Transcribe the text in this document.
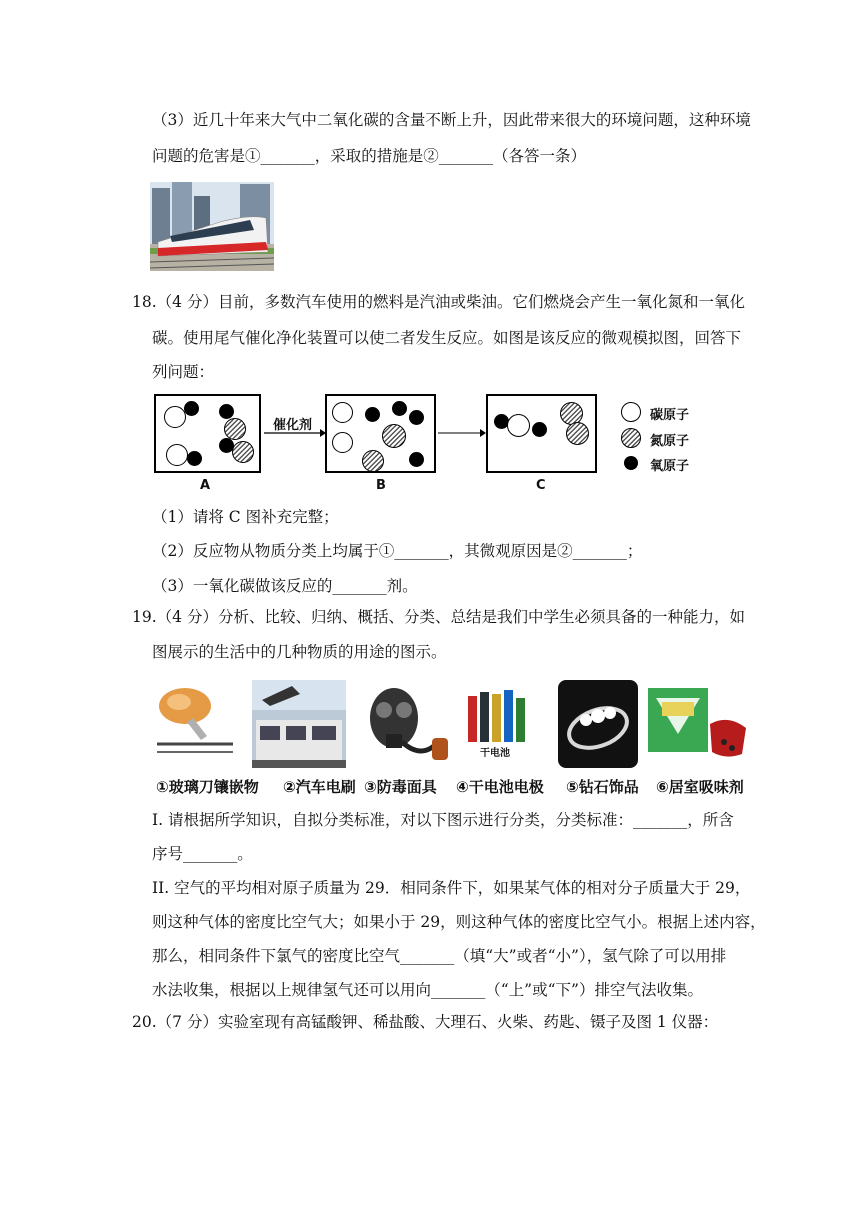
（3）近几十年来大气中二氧化碳的含量不断上升，因此带来很大的环境问题，这种环境
问题的危害是①_______，采取的措施是②_______（各答一条）
18.（4 分）目前，多数汽车使用的燃料是汽油或柴油。它们燃烧会产生一氧化氮和一氧化
碳。使用尾气催化净化装置可以使二者发生反应。如图是该反应的微观模拟图，回答下
列问题：
A
催化剂
B	C
碳原子
氮原子
氧原子
（1）请将 C 图补充完整；
（2）反应物从物质分类上均属于①_______，其微观原因是②_______；
（3）一氧化碳做该反应的_______剂。
19.（4 分）分析、比较、归纳、概括、分类、总结是我们中学生必须具备的一种能力，如
图展示的生活中的几种物质的用途的图示。
干电池
①玻璃刀镶嵌物 ②汽车电刷 ③防毒面具 ④干电池电极 ⑤钻石饰品 ⑥居室吸味剂
I. 请根据所学知识，自拟分类标准，对以下图示进行分类，分类标准：_______，所含
序号_______。
II. 空气的平均相对原子质量为 29．相同条件下，如果某气体的相对分子质量大于 29，
则这种气体的密度比空气大；如果小于 29，则这种气体的密度比空气小。根据上述内容，
那么，相同条件下氯气的密度比空气_______（填“大”或者“小”），氢气除了可以用排
水法收集，根据以上规律氢气还可以用向_______（“上”或“下”）排空气法收集。
20.（7 分）实验室现有高锰酸钾、稀盐酸、大理石、火柴、药匙、镊子及图 1 仪器：
